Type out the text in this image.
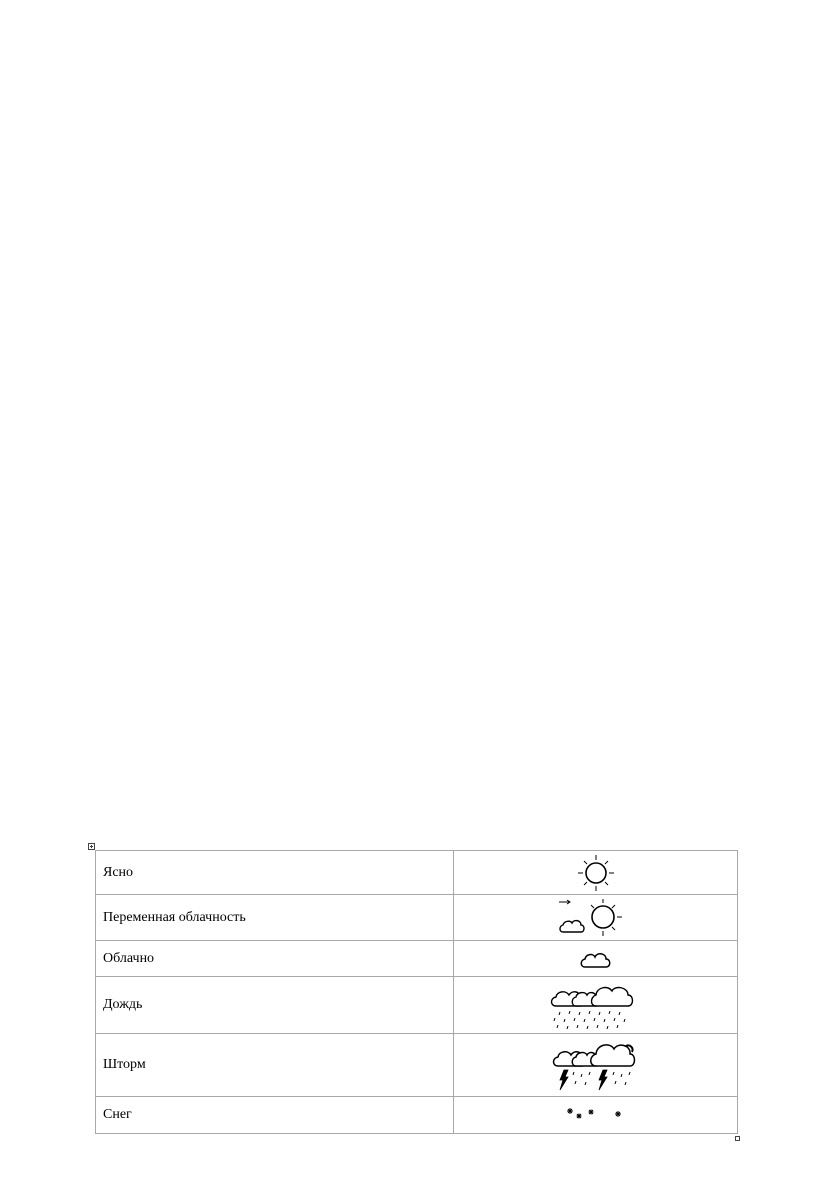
Ясно	

Переменная облачность	

Облачно	

Дождь	

Шторм	

Снег	
